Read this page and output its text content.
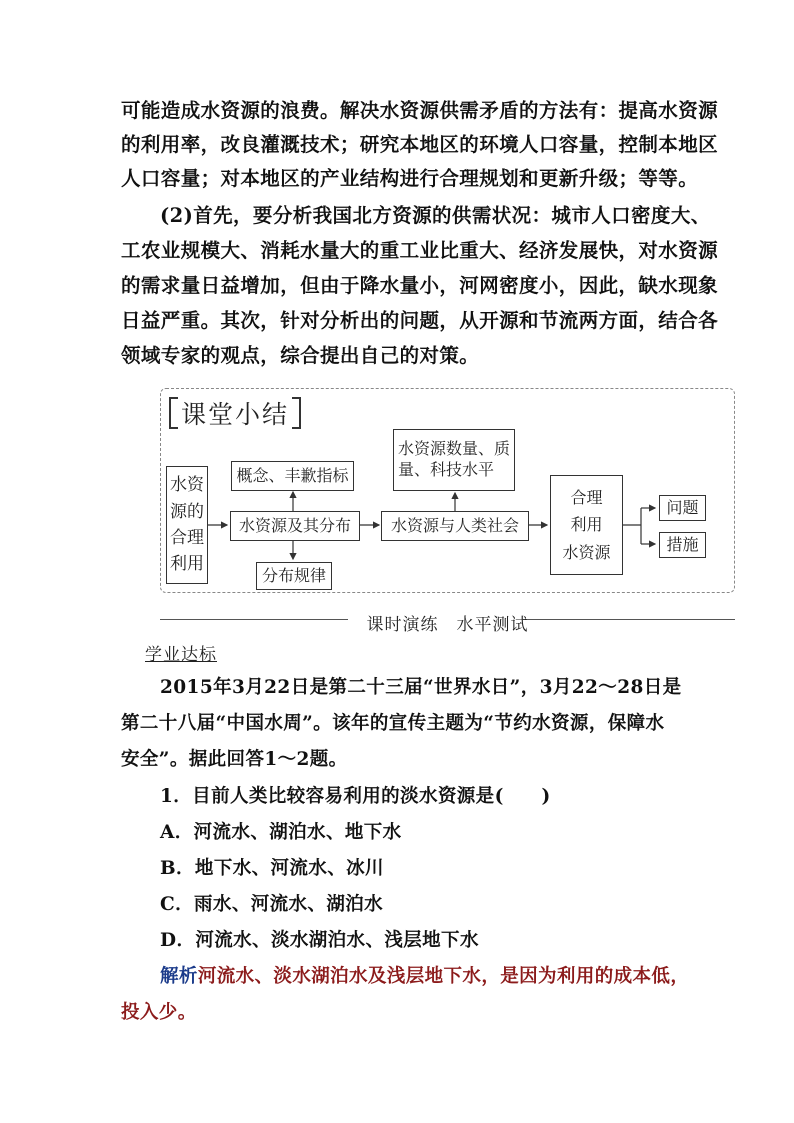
可能造成水资源的浪费。解决水资源供需矛盾的方法有：提高水资源
的利用率，改良灌溉技术；研究本地区的环境人口容量，控制本地区
人口容量；对本地区的产业结构进行合理规划和更新升级；等等。
(2)首先，要分析我国北方资源的供需状况：城市人口密度大、
工农业规模大、消耗水量大的重工业比重大、经济发展快，对水资源
的需求量日益增加，但由于降水量小，河网密度小，因此，缺水现象
日益严重。其次，针对分析出的问题，从开源和节流两方面，结合各
领域专家的观点，综合提出自己的对策。
课堂小结
水资
源的
合理
利用
概念、丰歉指标
水资源及其分布
分布规律
水资源数量、质
量、科技水平
水资源与人类社会
合理
利用
水资源
问题
措施
课时演练　水平测试
学业达标
2015年3月22日是第二十三届“世界水日”，3月22～28日是
第二十八届“中国水周”。该年的宣传主题为“节约水资源，保障水
安全”。据此回答1～2题。
1．目前人类比较容易利用的淡水资源是(　　)
A．河流水、湖泊水、地下水
B．地下水、河流水、冰川
C．雨水、河流水、湖泊水
D．河流水、淡水湖泊水、浅层地下水
解析河流水、淡水湖泊水及浅层地下水，是因为利用的成本低，
投入少。
